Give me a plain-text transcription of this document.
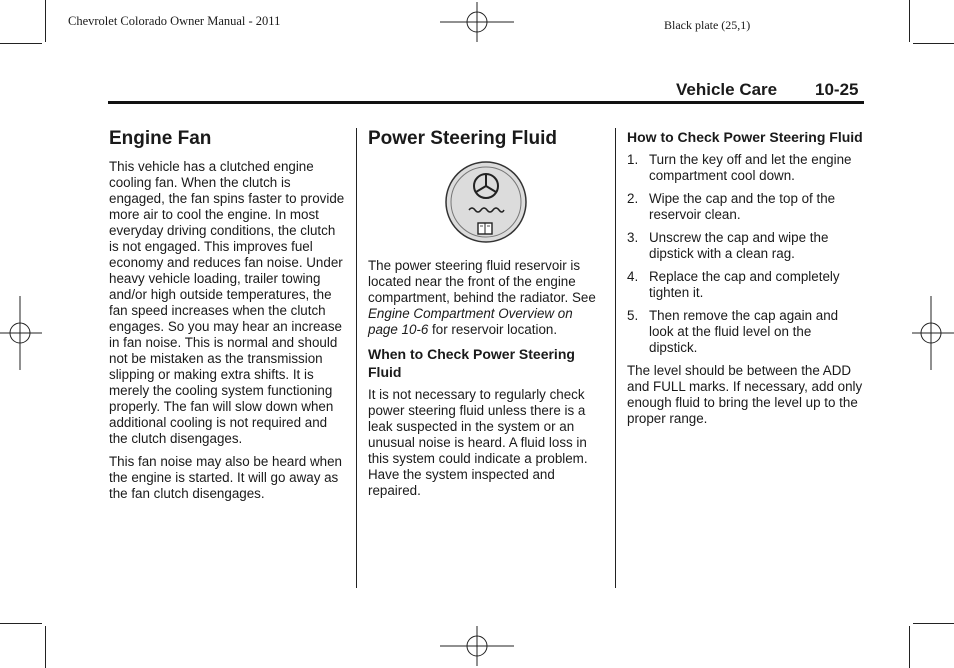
Chevrolet Colorado Owner Manual - 2011	Black plate (25,1)
Vehicle Care 10-25
Engine Fan

This vehicle has a clutched engine cooling fan. When the clutch is engaged, the fan spins faster to provide more air to cool the engine. In most everyday driving conditions, the clutch is not engaged. This improves fuel economy and reduces fan noise. Under heavy vehicle loading, trailer towing and/or high outside temperatures, the fan speed increases when the clutch engages. So you may hear an increase in fan noise. This is normal and should not be mistaken as the transmission slipping or making extra shifts. It is merely the cooling system functioning properly. The fan will slow down when additional cooling is not required and the clutch disengages.

This fan noise may also be heard when the engine is started. It will go away as the fan clutch disengages.

Power Steering Fluid

The power steering fluid reservoir is located near the front of the engine compartment, behind the radiator. See Engine Compartment Overview on page 10-6 for reservoir location.

When to Check Power Steering Fluid

It is not necessary to regularly check power steering fluid unless there is a leak suspected in the system or an unusual noise is heard. A fluid loss in this system could indicate a problem. Have the system inspected and repaired.

How to Check Power Steering Fluid
1. Turn the key off and let the engine compartment cool down.
2. Wipe the cap and the top of the reservoir clean.
3. Unscrew the cap and wipe the dipstick with a clean rag.
4. Replace the cap and completely tighten it.
5. Then remove the cap again and look at the fluid level on the dipstick.

The level should be between the ADD and FULL marks. If necessary, add only enough fluid to bring the level up to the proper range.
